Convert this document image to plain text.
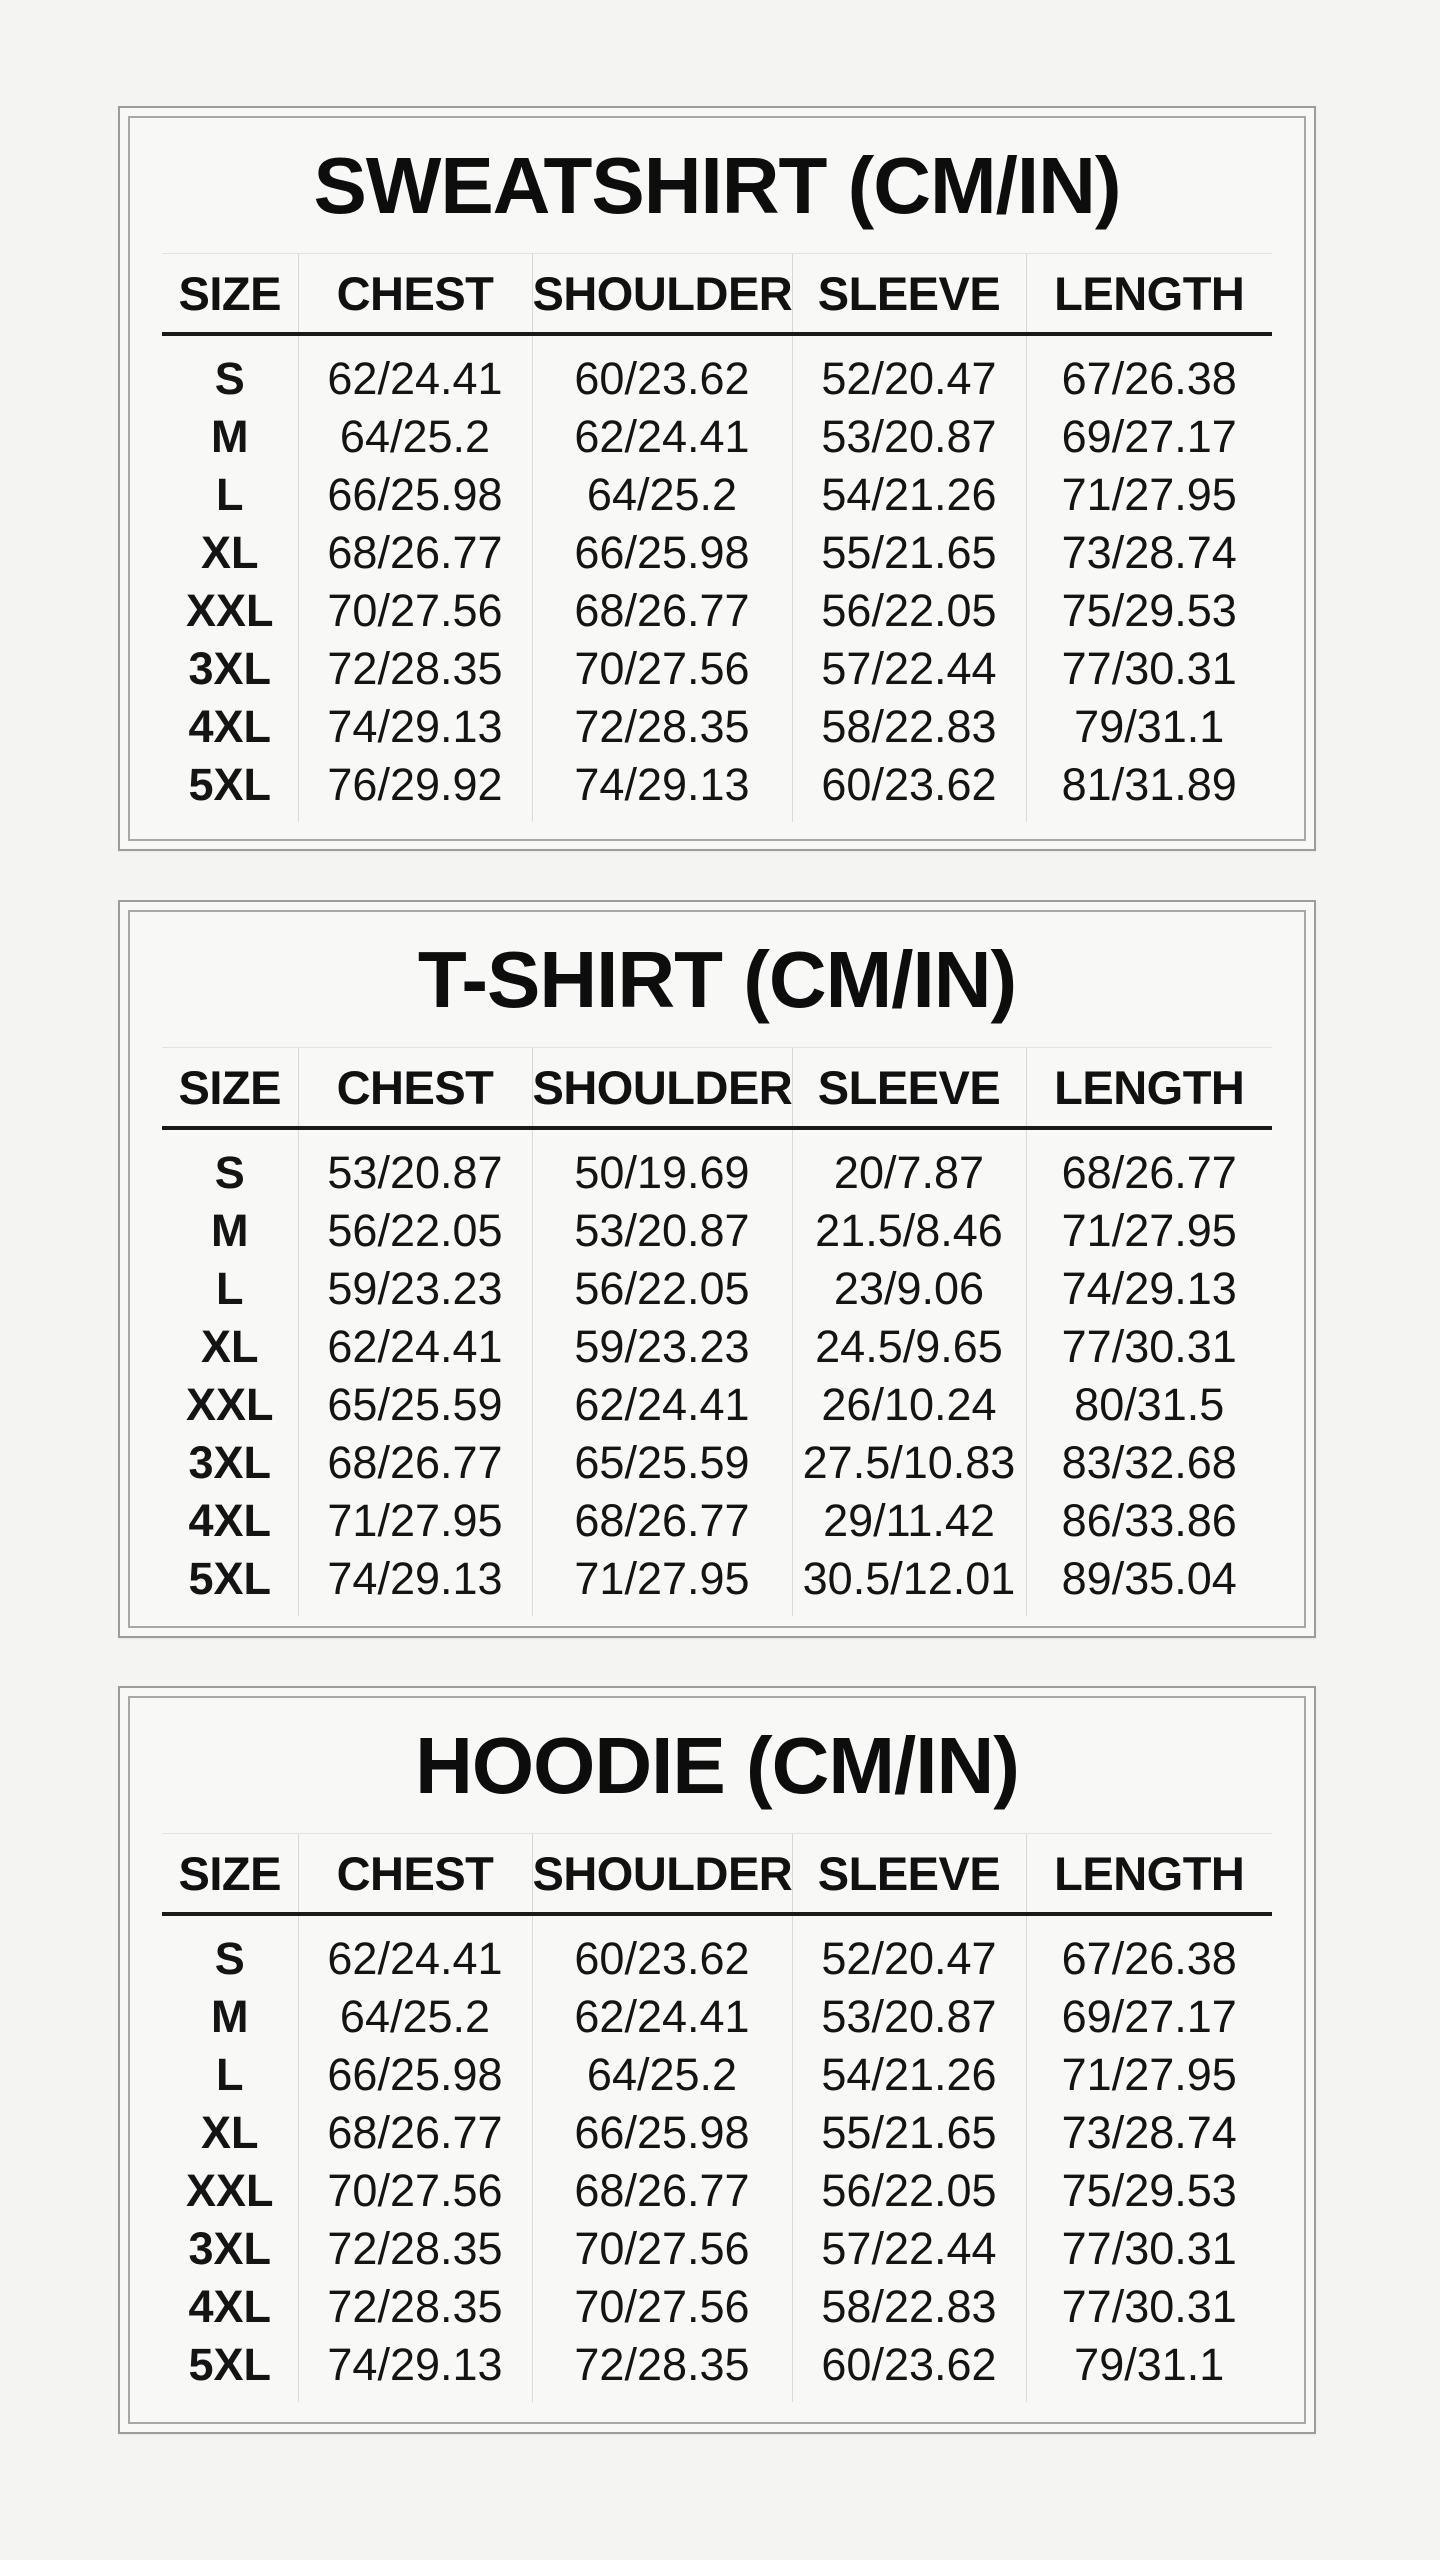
SWEATSHIRT (CM/IN)
SIZE	CHEST	SHOULDER	SLEEVE	LENGTH

S	62/24.41	60/23.62	52/20.47	67/26.38
M	64/25.2	62/24.41	53/20.87	69/27.17
L	66/25.98	64/25.2	54/21.26	71/27.95
XL	68/26.77	66/25.98	55/21.65	73/28.74
XXL	70/27.56	68/26.77	56/22.05	75/29.53
3XL	72/28.35	70/27.56	57/22.44	77/30.31
4XL	74/29.13	72/28.35	58/22.83	79/31.1
5XL	76/29.92	74/29.13	60/23.62	81/31.89
T-SHIRT (CM/IN)
SIZE	CHEST	SHOULDER	SLEEVE	LENGTH

S	53/20.87	50/19.69	20/7.87	68/26.77
M	56/22.05	53/20.87	21.5/8.46	71/27.95
L	59/23.23	56/22.05	23/9.06	74/29.13
XL	62/24.41	59/23.23	24.5/9.65	77/30.31
XXL	65/25.59	62/24.41	26/10.24	80/31.5
3XL	68/26.77	65/25.59	27.5/10.83	83/32.68
4XL	71/27.95	68/26.77	29/11.42	86/33.86
5XL	74/29.13	71/27.95	30.5/12.01	89/35.04
HOODIE (CM/IN)
SIZE	CHEST	SHOULDER	SLEEVE	LENGTH

S	62/24.41	60/23.62	52/20.47	67/26.38
M	64/25.2	62/24.41	53/20.87	69/27.17
L	66/25.98	64/25.2	54/21.26	71/27.95
XL	68/26.77	66/25.98	55/21.65	73/28.74
XXL	70/27.56	68/26.77	56/22.05	75/29.53
3XL	72/28.35	70/27.56	57/22.44	77/30.31
4XL	72/28.35	70/27.56	58/22.83	77/30.31
5XL	74/29.13	72/28.35	60/23.62	79/31.1
